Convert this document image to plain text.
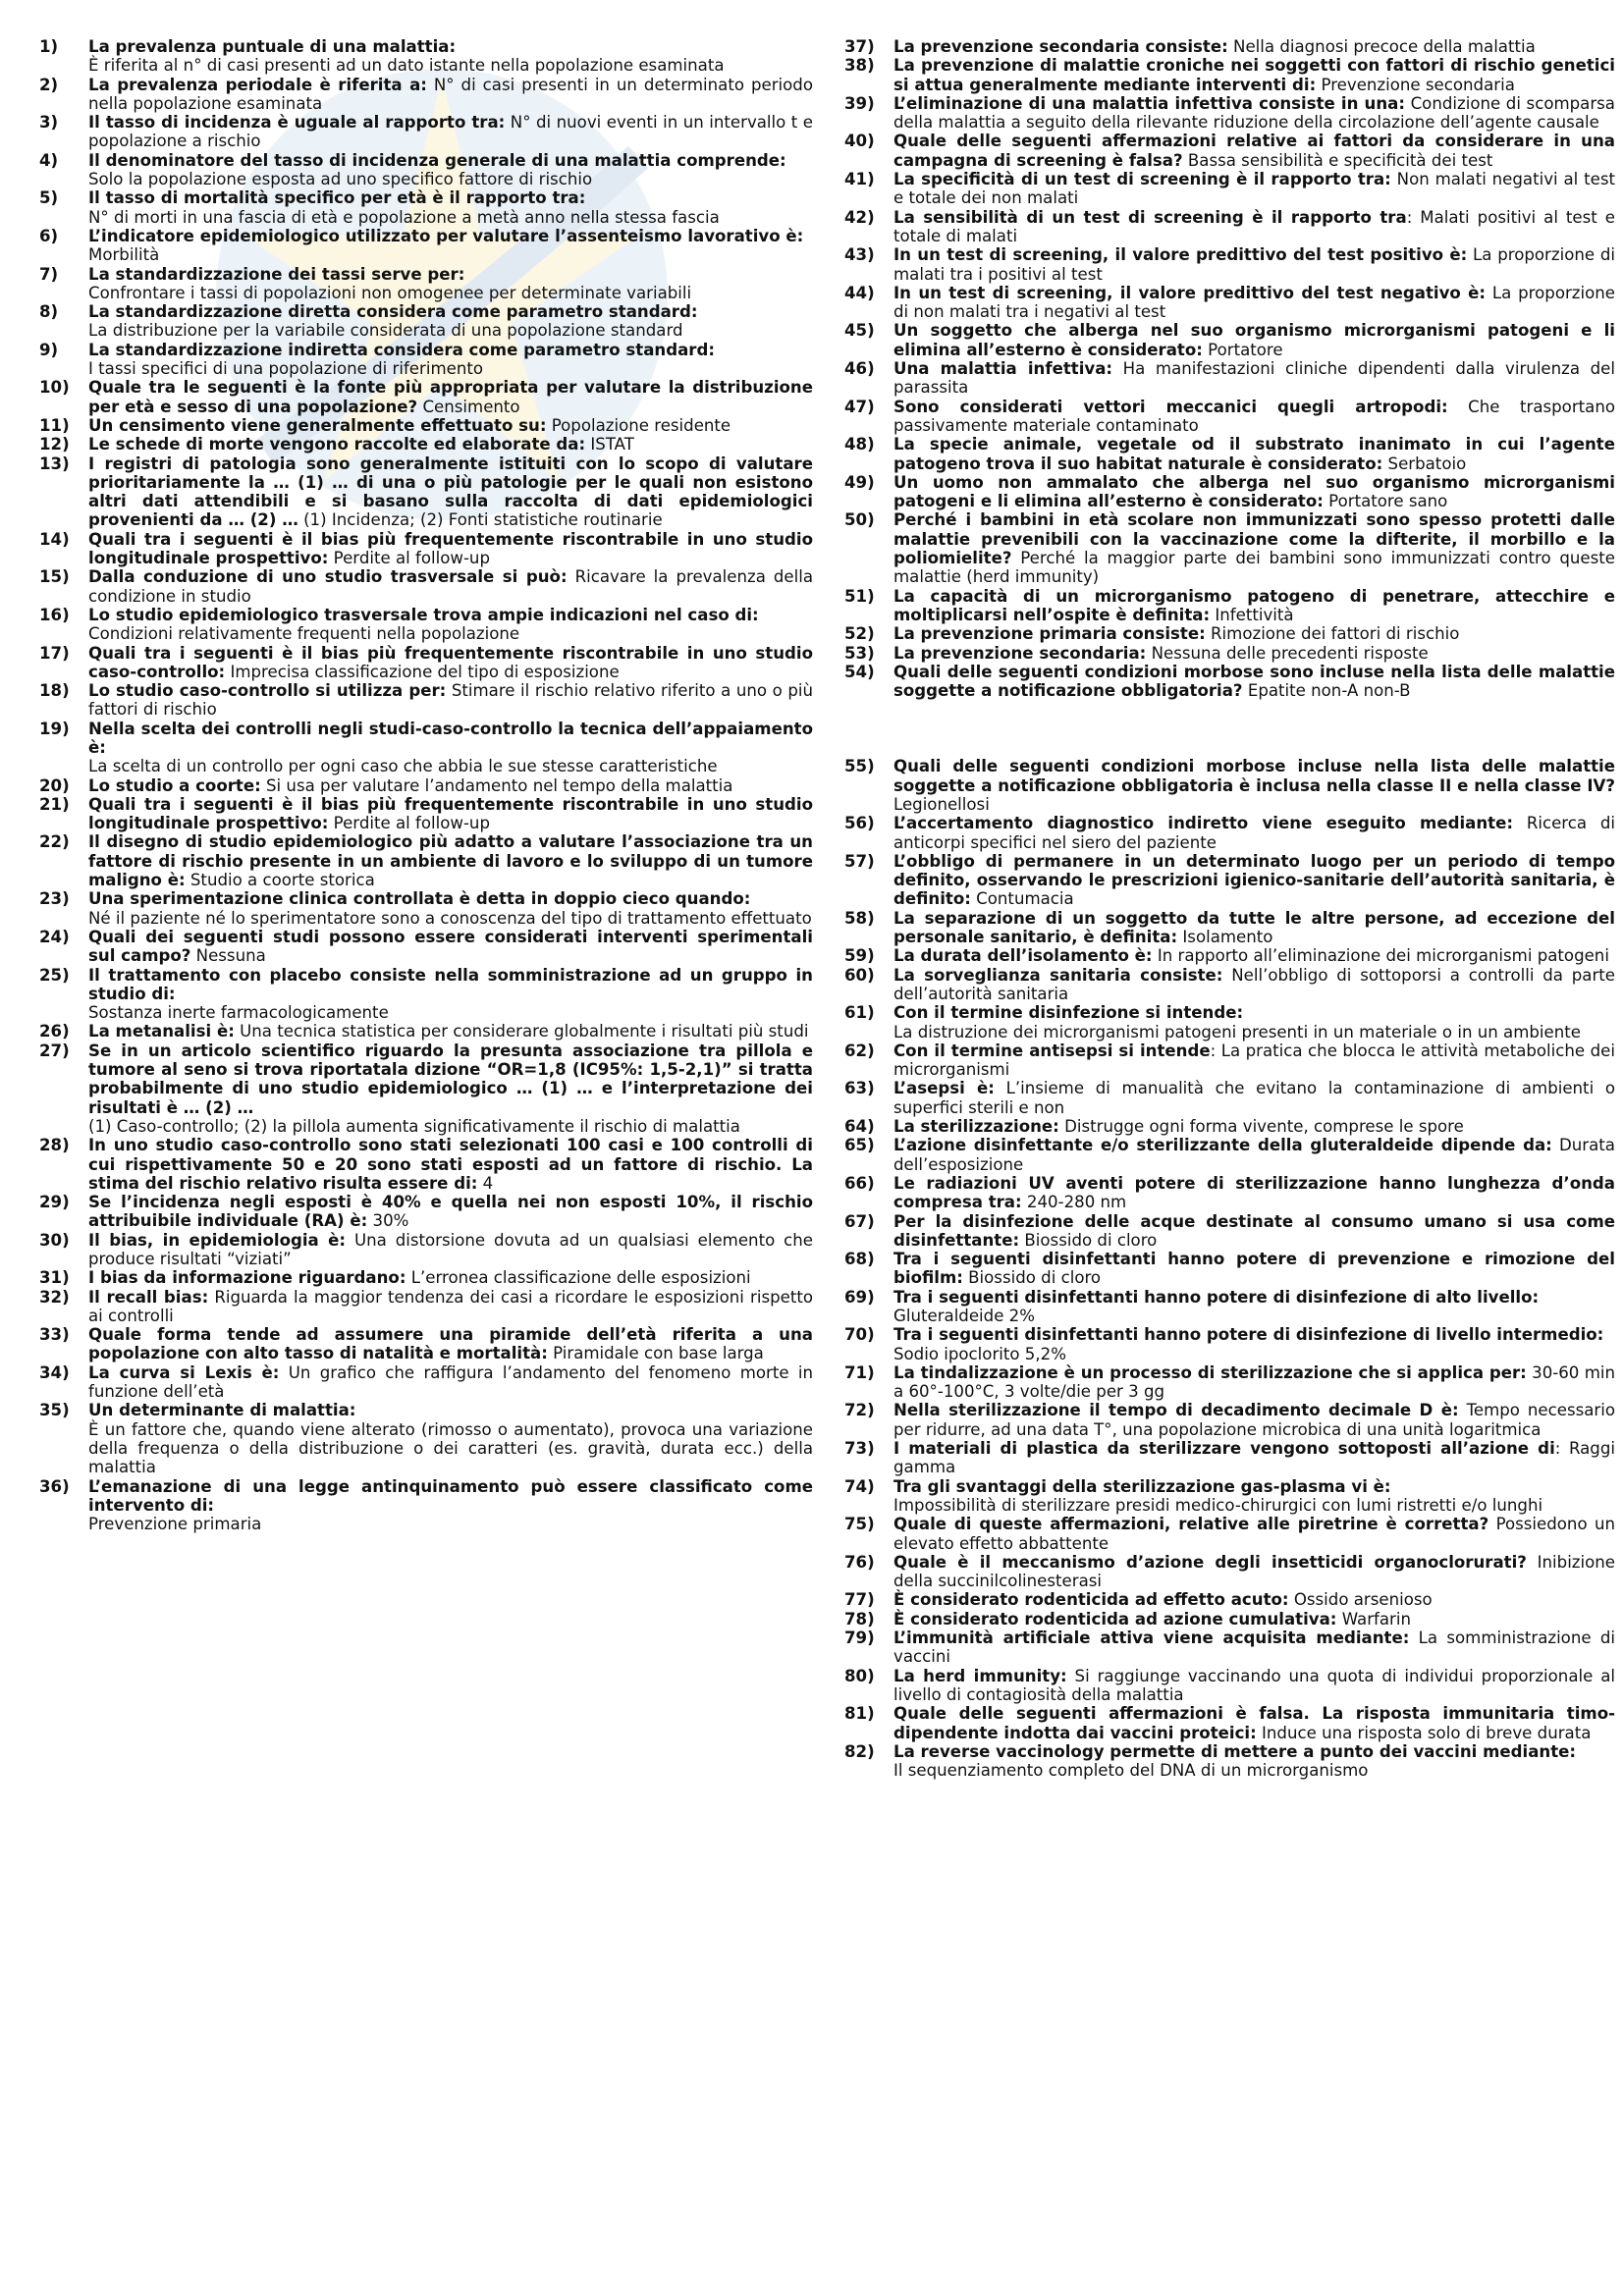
1) La prevalenza puntuale di una malattia:
È riferita al n° di casi presenti ad un dato istante nella popolazione esaminata
2) La prevalenza periodale è riferita a: N° di casi presenti in un determinato periodo nella popolazione esaminata
3) Il tasso di incidenza è uguale al rapporto tra: N° di nuovi eventi in un intervallo t e popolazione a rischio
4) Il denominatore del tasso di incidenza generale di una malattia comprende:
Solo la popolazione esposta ad uno specifico fattore di rischio
5) Il tasso di mortalità specifico per età è il rapporto tra:
N° di morti in una fascia di età e popolazione a metà anno nella stessa fascia
6) L’indicatore epidemiologico utilizzato per valutare l’assenteismo lavorativo è:
Morbilità
7) La standardizzazione dei tassi serve per:
Confrontare i tassi di popolazioni non omogenee per determinate variabili
8) La standardizzazione diretta considera come parametro standard:
La distribuzione per la variabile considerata di una popolazione standard
9) La standardizzazione indiretta considera come parametro standard:
I tassi specifici di una popolazione di riferimento
10) Quale tra le seguenti è la fonte più appropriata per valutare la distribuzione per età e sesso di una popolazione? Censimento
11) Un censimento viene generalmente effettuato su: Popolazione residente
12) Le schede di morte vengono raccolte ed elaborate da: ISTAT
13) I registri di patologia sono generalmente istituiti con lo scopo di valutare prioritariamente la … (1) … di una o più patologie per le quali non esistono altri dati attendibili e si basano sulla raccolta di dati epidemiologici provenienti da … (2) … (1) Incidenza; (2) Fonti statistiche routinarie
14) Quali tra i seguenti è il bias più frequentemente riscontrabile in uno studio longitudinale prospettivo: Perdite al follow-up
15) Dalla conduzione di uno studio trasversale si può: Ricavare la prevalenza della condizione in studio
16) Lo studio epidemiologico trasversale trova ampie indicazioni nel caso di:
Condizioni relativamente frequenti nella popolazione
17) Quali tra i seguenti è il bias più frequentemente riscontrabile in uno studio caso-controllo: Imprecisa classificazione del tipo di esposizione
18) Lo studio caso-controllo si utilizza per: Stimare il rischio relativo riferito a uno o più fattori di rischio
19) Nella scelta dei controlli negli studi-caso-controllo la tecnica dell’appaiamento è:
La scelta di un controllo per ogni caso che abbia le sue stesse caratteristiche
20) Lo studio a coorte: Si usa per valutare l’andamento nel tempo della malattia
21) Quali tra i seguenti è il bias più frequentemente riscontrabile in uno studio longitudinale prospettivo: Perdite al follow-up
22) Il disegno di studio epidemiologico più adatto a valutare l’associazione tra un fattore di rischio presente in un ambiente di lavoro e lo sviluppo di un tumore maligno è: Studio a coorte storica
23) Una sperimentazione clinica controllata è detta in doppio cieco quando:
Né il paziente né lo sperimentatore sono a conoscenza del tipo di trattamento effettuato
24) Quali dei seguenti studi possono essere considerati interventi sperimentali sul campo? Nessuna
25) Il trattamento con placebo consiste nella somministrazione ad un gruppo in studio di:
Sostanza inerte farmacologicamente
26) La metanalisi è: Una tecnica statistica per considerare globalmente i risultati più studi
27) Se in un articolo scientifico riguardo la presunta associazione tra pillola e tumore al seno si trova riportatala dizione “OR=1,8 (IC95%: 1,5-2,1)” si tratta probabilmente di uno studio epidemiologico … (1) … e l’interpretazione dei risultati è … (2) …
(1) Caso-controllo; (2) la pillola aumenta significativamente il rischio di malattia
28) In uno studio caso-controllo sono stati selezionati 100 casi e 100 controlli di cui rispettivamente 50 e 20 sono stati esposti ad un fattore di rischio. La stima del rischio relativo risulta essere di: 4
29) Se l’incidenza negli esposti è 40% e quella nei non esposti 10%, il rischio attribuibile individuale (RA) è: 30%
30) Il bias, in epidemiologia è: Una distorsione dovuta ad un qualsiasi elemento che produce risultati “viziati”
31) I bias da informazione riguardano: L’erronea classificazione delle esposizioni
32) Il recall bias: Riguarda la maggior tendenza dei casi a ricordare le esposizioni rispetto ai controlli
33) Quale forma tende ad assumere una piramide dell’età riferita a una popolazione con alto tasso di natalità e mortalità: Piramidale con base larga
34) La curva si Lexis è: Un grafico che raffigura l’andamento del fenomeno morte in funzione dell’età
35) Un determinante di malattia:
È un fattore che, quando viene alterato (rimosso o aumentato), provoca una variazione della frequenza o della distribuzione o dei caratteri (es. gravità, durata ecc.) della malattia
36) L’emanazione di una legge antinquinamento può essere classificato come intervento di:
Prevenzione primaria
37) La prevenzione secondaria consiste: Nella diagnosi precoce della malattia
38) La prevenzione di malattie croniche nei soggetti con fattori di rischio genetici si attua generalmente mediante interventi di: Prevenzione secondaria
39) L’eliminazione di una malattia infettiva consiste in una: Condizione di scomparsa della malattia a seguito della rilevante riduzione della circolazione dell’agente causale
40) Quale delle seguenti affermazioni relative ai fattori da considerare in una campagna di screening è falsa? Bassa sensibilità e specificità dei test
41) La specificità di un test di screening è il rapporto tra: Non malati negativi al test e totale dei non malati
42) La sensibilità di un test di screening è il rapporto tra: Malati positivi al test e totale di malati
43) In un test di screening, il valore predittivo del test positivo è: La proporzione di malati tra i positivi al test
44) In un test di screening, il valore predittivo del test negativo è: La proporzione di non malati tra i negativi al test
45) Un soggetto che alberga nel suo organismo microrganismi patogeni e li elimina all’esterno è considerato: Portatore
46) Una malattia infettiva: Ha manifestazioni cliniche dipendenti dalla virulenza del parassita
47) Sono considerati vettori meccanici quegli artropodi: Che trasportano passivamente materiale contaminato
48) La specie animale, vegetale od il substrato inanimato in cui l’agente patogeno trova il suo habitat naturale è considerato: Serbatoio
49) Un uomo non ammalato che alberga nel suo organismo microrganismi patogeni e li elimina all’esterno è considerato: Portatore sano
50) Perché i bambini in età scolare non immunizzati sono spesso protetti dalle malattie prevenibili con la vaccinazione come la difterite, il morbillo e la poliomielite? Perché la maggior parte dei bambini sono immunizzati contro queste malattie (herd immunity)
51) La capacità di un microrganismo patogeno di penetrare, attecchire e moltiplicarsi nell’ospite è definita: Infettività
52) La prevenzione primaria consiste: Rimozione dei fattori di rischio
53) La prevenzione secondaria: Nessuna delle precedenti risposte
54) Quali delle seguenti condizioni morbose sono incluse nella lista delle malattie soggette a notificazione obbligatoria? Epatite non-A non-B
55) Quali delle seguenti condizioni morbose incluse nella lista delle malattie soggette a notificazione obbligatoria è inclusa nella classe II e nella classe IV? Legionellosi
56) L’accertamento diagnostico indiretto viene eseguito mediante: Ricerca di anticorpi specifici nel siero del paziente
57) L’obbligo di permanere in un determinato luogo per un periodo di tempo definito, osservando le prescrizioni igienico-sanitarie dell’autorità sanitaria, è definito: Contumacia
58) La separazione di un soggetto da tutte le altre persone, ad eccezione del personale sanitario, è definita: Isolamento
59) La durata dell’isolamento è: In rapporto all’eliminazione dei microrganismi patogeni
60) La sorveglianza sanitaria consiste: Nell’obbligo di sottoporsi a controlli da parte dell’autorità sanitaria
61) Con il termine disinfezione si intende:
La distruzione dei microrganismi patogeni presenti in un materiale o in un ambiente
62) Con il termine antisepsi si intende: La pratica che blocca le attività metaboliche dei microrganismi
63) L’asepsi è: L’insieme di manualità che evitano la contaminazione di ambienti o superfici sterili e non
64) La sterilizzazione: Distrugge ogni forma vivente, comprese le spore
65) L’azione disinfettante e/o sterilizzante della gluteraldeide dipende da: Durata dell’esposizione
66) Le radiazioni UV aventi potere di sterilizzazione hanno lunghezza d’onda compresa tra: 240-280 nm
67) Per la disinfezione delle acque destinate al consumo umano si usa come disinfettante: Biossido di cloro
68) Tra i seguenti disinfettanti hanno potere di prevenzione e rimozione del biofilm: Biossido di cloro
69) Tra i seguenti disinfettanti hanno potere di disinfezione di alto livello:
Gluteraldeide 2%
70) Tra i seguenti disinfettanti hanno potere di disinfezione di livello intermedio:
Sodio ipoclorito 5,2%
71) La tindalizzazione è un processo di sterilizzazione che si applica per: 30-60 min a 60°-100°C, 3 volte/die per 3 gg
72) Nella sterilizzazione il tempo di decadimento decimale D è: Tempo necessario per ridurre, ad una data T°, una popolazione microbica di una unità logaritmica
73) I materiali di plastica da sterilizzare vengono sottoposti all’azione di: Raggi gamma
74) Tra gli svantaggi della sterilizzazione gas-plasma vi è:
Impossibilità di sterilizzare presidi medico-chirurgici con lumi ristretti e/o lunghi
75) Quale di queste affermazioni, relative alle piretrine è corretta? Possiedono un elevato effetto abbattente
76) Quale è il meccanismo d’azione degli insetticidi organoclorurati? Inibizione della succinilcolinesterasi
77) È considerato rodenticida ad effetto acuto: Ossido arsenioso
78) È considerato rodenticida ad azione cumulativa: Warfarin
79) L’immunità artificiale attiva viene acquisita mediante: La somministrazione di vaccini
80) La herd immunity: Si raggiunge vaccinando una quota di individui proporzionale al livello di contagiosità della malattia
81) Quale delle seguenti affermazioni è falsa. La risposta immunitaria timo-dipendente indotta dai vaccini proteici: Induce una risposta solo di breve durata
82) La reverse vaccinology permette di mettere a punto dei vaccini mediante:
Il sequenziamento completo del DNA di un microrganismo
